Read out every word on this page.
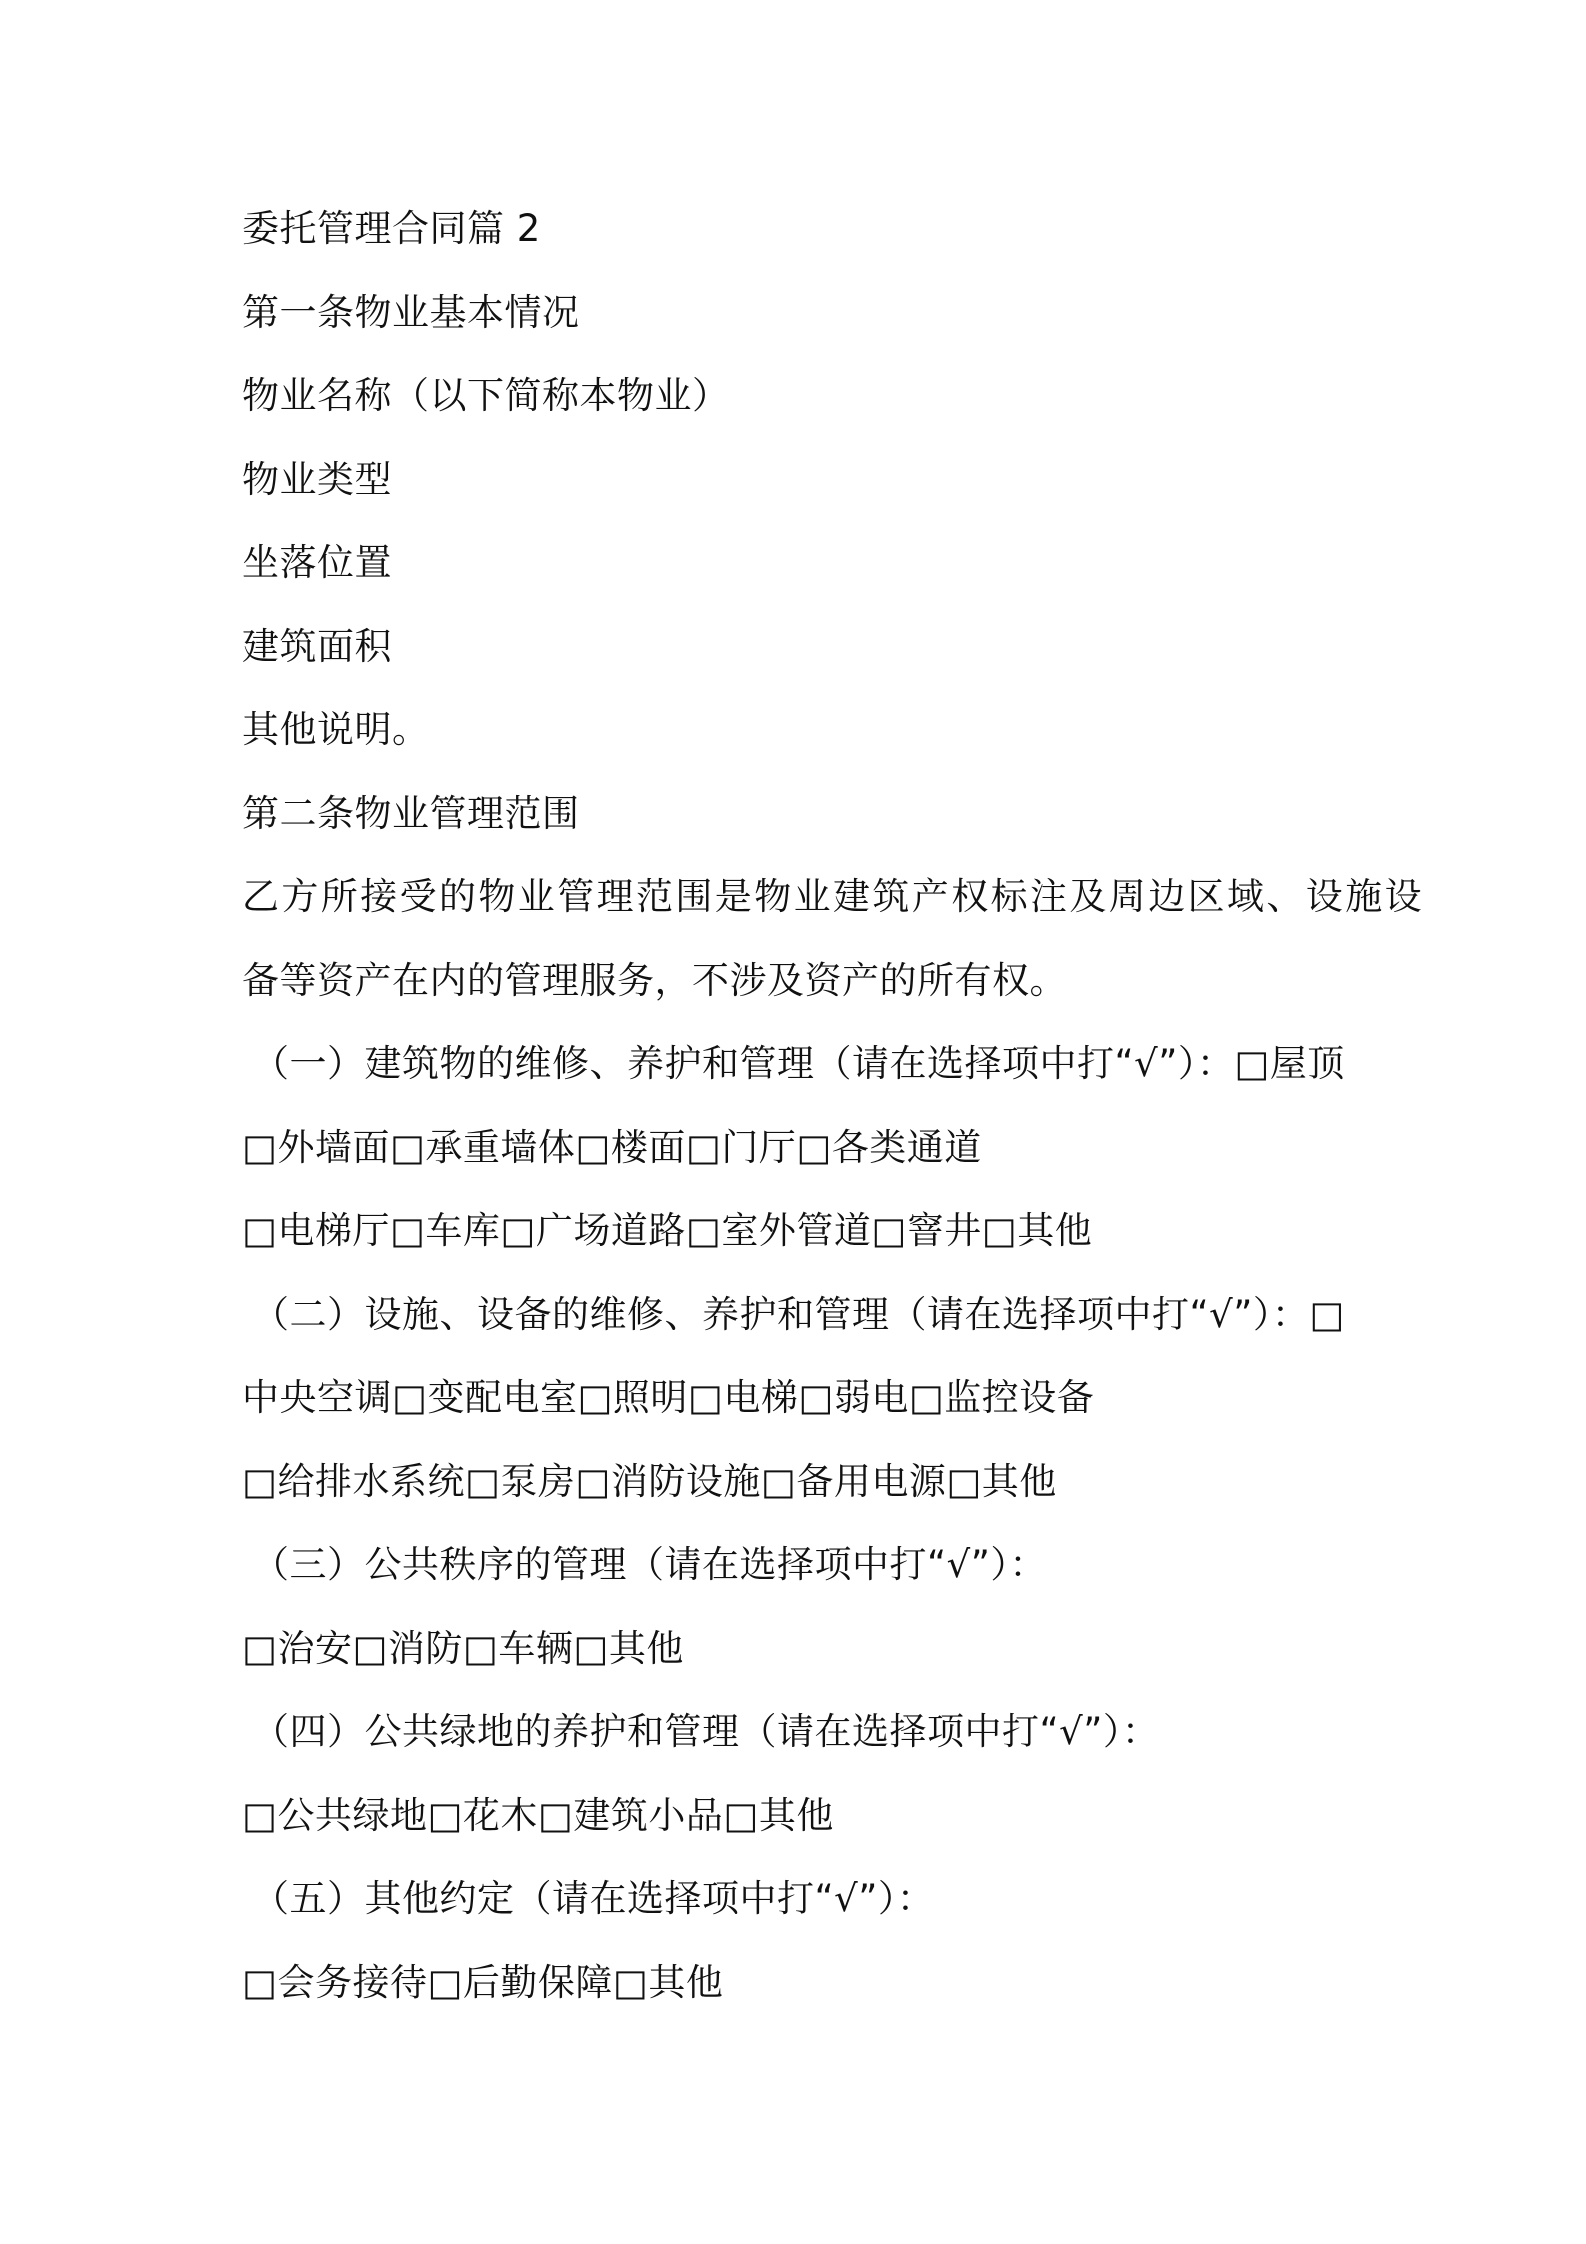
委托管理合同篇 2
第一条物业基本情况
物业名称（以下简称本物业）
物业类型
坐落位置
建筑面积
其他说明。
第二条物业管理范围
乙方所接受的物业管理范围是物业建筑产权标注及周边区域、设施设
备等资产在内的管理服务，不涉及资产的所有权。
（一）建筑物的维修、养护和管理（请在选择项中打“√”）：□屋顶
□外墙面□承重墙体□楼面□门厅□各类通道
□电梯厅□车库□广场道路□室外管道□窨井□其他
（二）设施、设备的维修、养护和管理（请在选择项中打“√”）：□
中央空调□变配电室□照明□电梯□弱电□监控设备
□给排水系统□泵房□消防设施□备用电源□其他
（三）公共秩序的管理（请在选择项中打“√”）：
□治安□消防□车辆□其他
（四）公共绿地的养护和管理（请在选择项中打“√”）：
□公共绿地□花木□建筑小品□其他
（五）其他约定（请在选择项中打“√”）：
□会务接待□后勤保障□其他
